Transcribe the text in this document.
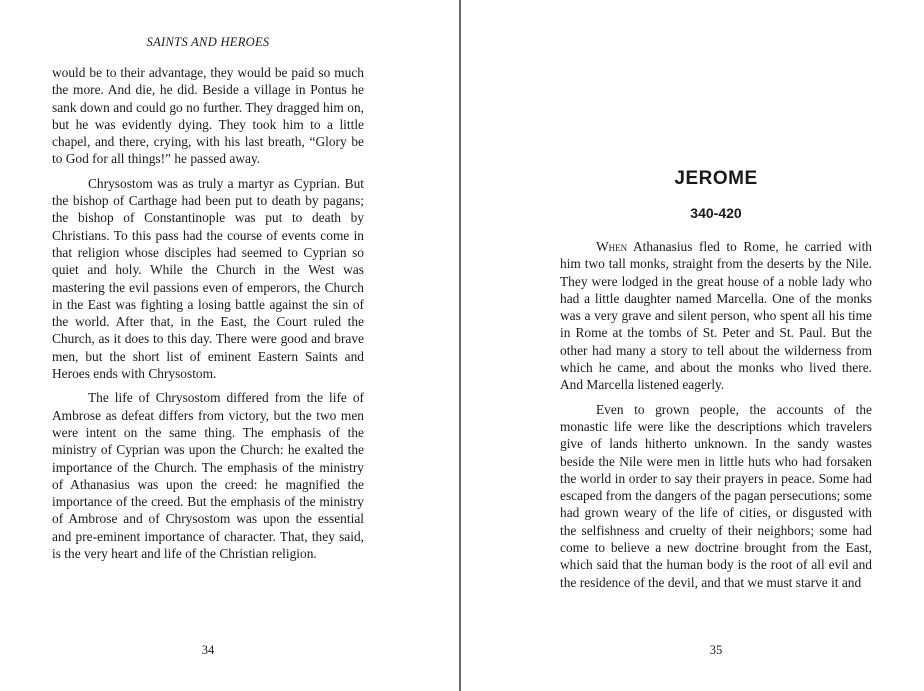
SAINTS AND HEROES

would be to their advantage, they would be paid so much the more. And die, he did. Beside a village in Pontus he sank down and could go no further. They dragged him on, but he was evidently dying. They took him to a little chapel, and there, crying, with his last breath, “Glory be to God for all things!” he passed away.

Chrysostom was as truly a martyr as Cyprian. But the bishop of Carthage had been put to death by pagans; the bishop of Constantinople was put to death by Christians. To this pass had the course of events come in that religion whose disciples had seemed to Cyprian so quiet and holy. While the Church in the West was mastering the evil passions even of emperors, the Church in the East was fighting a losing battle against the sin of the world. After that, in the East, the Court ruled the Church, as it does to this day. There were good and brave men, but the short list of eminent Eastern Saints and Heroes ends with Chrysostom.

The life of Chrysostom differed from the life of Ambrose as defeat differs from victory, but the two men were intent on the same thing. The emphasis of the ministry of Cyprian was upon the Church: he exalted the importance of the Church. The emphasis of the ministry of Athanasius was upon the creed: he magnified the importance of the creed. But the emphasis of the ministry of Ambrose and of Chrysostom was upon the essential and pre-eminent importance of character. That, they said, is the very heart and life of the Christian religion.

34
JEROME
340-420

When Athanasius fled to Rome, he carried with him two tall monks, straight from the deserts by the Nile. They were lodged in the great house of a noble lady who had a little daughter named Marcella. One of the monks was a very grave and silent person, who spent all his time in Rome at the tombs of St. Peter and St. Paul. But the other had many a story to tell about the wilderness from which he came, and about the monks who lived there. And Marcella listened eagerly.

Even to grown people, the accounts of the monastic life were like the descriptions which travelers give of lands hitherto unknown. In the sandy wastes beside the Nile were men in little huts who had forsaken the world in order to say their prayers in peace. Some had escaped from the dangers of the pagan persecutions; some had grown weary of the life of cities, or disgusted with the selfishness and cruelty of their neighbors; some had come to believe a new doctrine brought from the East, which said that the human body is the root of all evil and the residence of the devil, and that we must starve it and

35
